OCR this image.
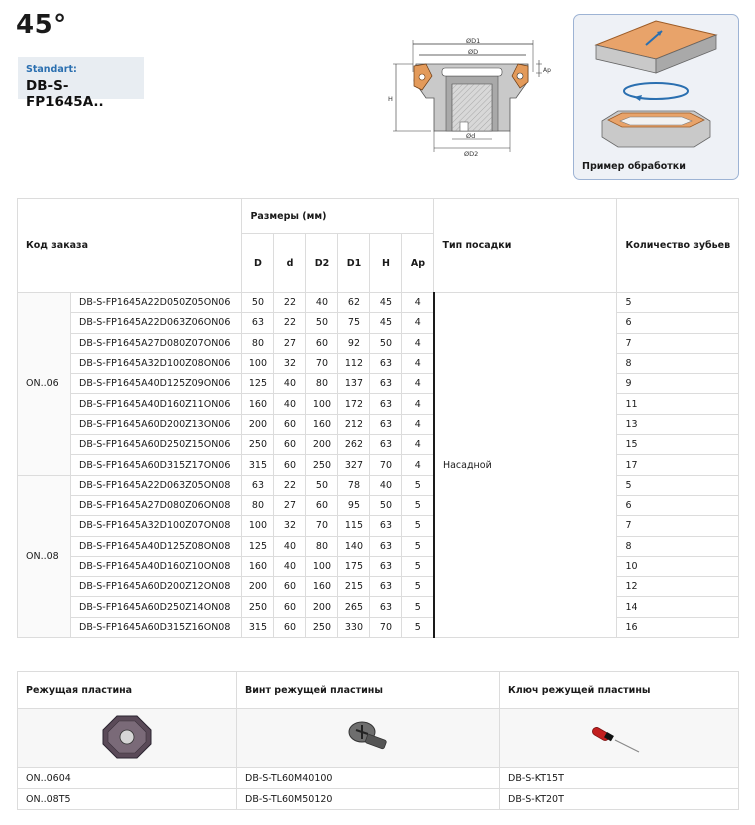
45°
Standart:
DB-S-FP1645A..
ØD1
ØD
Ap
H
Ød
ØD2
Пример обработки
Код заказа		Размеры (мм)						Тип посадки	Количество зубьев
		D	d	D2	D1	H	Ap		
ON..06	DB-S-FP1645A22D050Z05ON06	50	22	40	62	45	4	Насадной	5
	DB-S-FP1645A22D063Z06ON06	63	22	50	75	45	4		6
	DB-S-FP1645A27D080Z07ON06	80	27	60	92	50	4		7
	DB-S-FP1645A32D100Z08ON06	100	32	70	112	63	4		8
	DB-S-FP1645A40D125Z09ON06	125	40	80	137	63	4		9
	DB-S-FP1645A40D160Z11ON06	160	40	100	172	63	4		11
	DB-S-FP1645A60D200Z13ON06	200	60	160	212	63	4		13
	DB-S-FP1645A60D250Z15ON06	250	60	200	262	63	4		15
	DB-S-FP1645A60D315Z17ON06	315	60	250	327	70	4		17
ON..08	DB-S-FP1645A22D063Z05ON08	63	22	50	78	40	5		5
	DB-S-FP1645A27D080Z06ON08	80	27	60	95	50	5		6
	DB-S-FP1645A32D100Z07ON08	100	32	70	115	63	5		7
	DB-S-FP1645A40D125Z08ON08	125	40	80	140	63	5		8
	DB-S-FP1645A40D160Z10ON08	160	40	100	175	63	5		10
	DB-S-FP1645A60D200Z12ON08	200	60	160	215	63	5		12
	DB-S-FP1645A60D250Z14ON08	250	60	200	265	63	5		14
	DB-S-FP1645A60D315Z16ON08	315	60	250	330	70	5		16
Режущая пластина	Винт режущей пластины	Ключ режущей пластины

ON..0604	DB-S-TL60M40100	DB-S-KT15T
ON..08T5	DB-S-TL60M50120	DB-S-KT20T
